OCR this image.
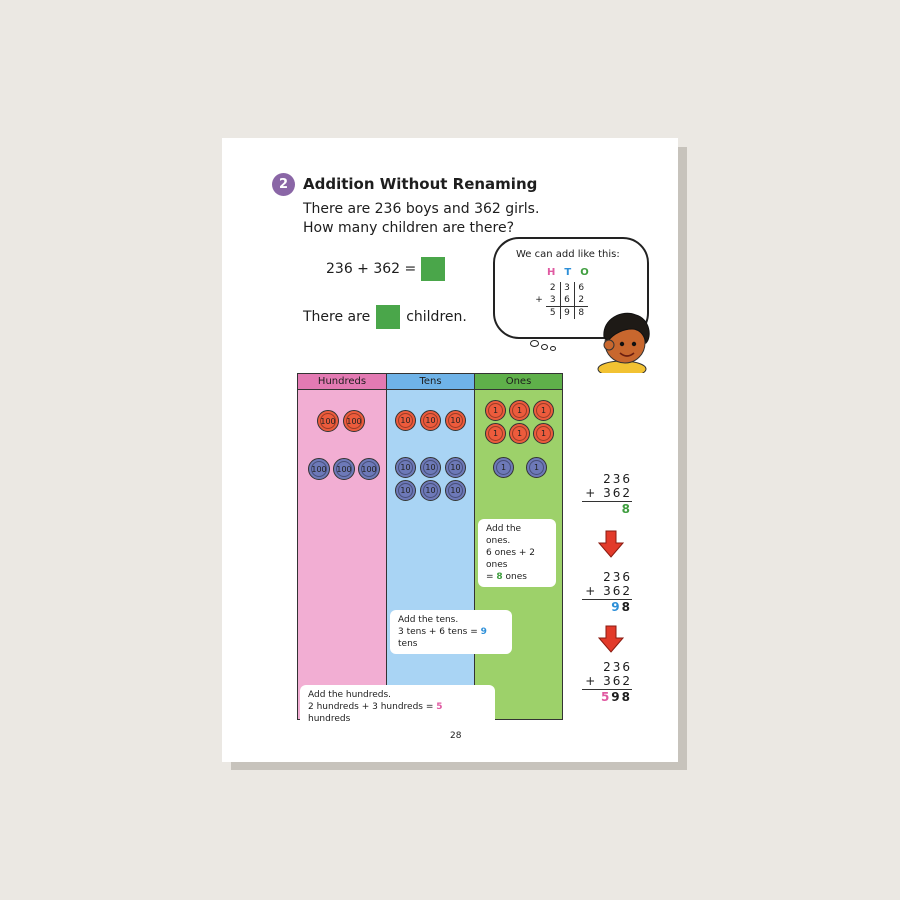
2 Addition Without Renaming
There are 236 boys and 362 girls.
How many children are there?
236 + 362 =
There are	children.
We can add like this:
H T O
	2	3	6
+	3	6	2
	5	9	8
Hundreds	Tens	Ones
100 100
100 100 100
10	10	10
10	10	10
10	10	10
1	1	1
1	1	1
1	1
Add the ones.
6 ones + 2 ones
= 8 ones
Add the tens.
3 tens + 6 tens = 9 tens
Add the hundreds.
2 hundreds + 3 hundreds = 5 hundreds
236
+ 362
8
236
+ 362
98
236
+ 362
598
28
